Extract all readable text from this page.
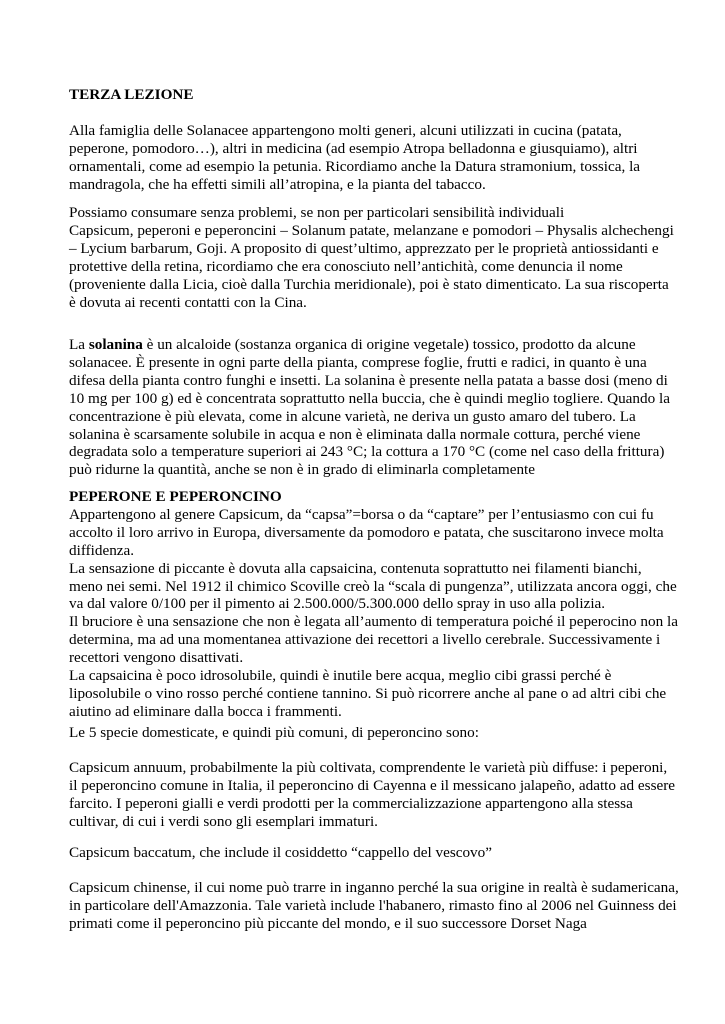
TERZA LEZIONE
Alla famiglia delle Solanacee appartengono molti generi, alcuni utilizzati in cucina (patata,
peperone, pomodoro…), altri in medicina (ad esempio Atropa belladonna e giusquiamo), altri
ornamentali, come ad esempio la petunia. Ricordiamo anche la Datura stramonium, tossica, la
mandragola, che ha effetti simili all’atropina, e la pianta del tabacco.
Possiamo consumare senza problemi, se non per particolari sensibilità individuali
Capsicum, peperoni e peperoncini – Solanum patate, melanzane e pomodori – Physalis alchechengi
– Lycium barbarum, Goji. A proposito di quest’ultimo, apprezzato per le proprietà antiossidanti e
protettive della retina, ricordiamo che era conosciuto nell’antichità, come denuncia il nome
(proveniente dalla Licia, cioè dalla Turchia meridionale), poi è stato dimenticato. La sua riscoperta
è dovuta ai recenti contatti con la Cina.
La solanina è un alcaloide (sostanza organica di origine vegetale) tossico, prodotto da alcune
solanacee. È presente in ogni parte della pianta, comprese foglie, frutti e radici, in quanto è una
difesa della pianta contro funghi e insetti. La solanina è presente nella patata a basse dosi (meno di
10 mg per 100 g) ed è concentrata soprattutto nella buccia, che è quindi meglio togliere. Quando la
concentrazione è più elevata, come in alcune varietà, ne deriva un gusto amaro del tubero. La
solanina è scarsamente solubile in acqua e non è eliminata dalla normale cottura, perché viene
degradata solo a temperature superiori ai 243 °C; la cottura a 170 °C (come nel caso della frittura)
può ridurne la quantità, anche se non è in grado di eliminarla completamente
PEPERONE E PEPERONCINO
Appartengono al genere Capsicum, da “capsa”=borsa o da “captare” per l’entusiasmo con cui fu
accolto il loro arrivo in Europa, diversamente da pomodoro e patata, che suscitarono invece molta
diffidenza.
La sensazione di piccante è dovuta alla capsaicina, contenuta soprattutto nei filamenti bianchi,
meno nei semi. Nel 1912 il chimico Scoville creò la “scala di pungenza”, utilizzata ancora oggi, che
va dal valore 0/100 per il pimento ai 2.500.000/5.300.000 dello spray in uso alla polizia.
Il bruciore è una sensazione che non è legata all’aumento di temperatura poiché il peperocino non la
determina, ma ad una momentanea attivazione dei recettori a livello cerebrale. Successivamente i
recettori vengono disattivati.
La capsaicina è poco idrosolubile, quindi è inutile bere acqua, meglio cibi grassi perché è
liposolubile o vino rosso perché contiene tannino. Si può ricorrere anche al pane o ad altri cibi che
aiutino ad eliminare dalla bocca i frammenti.
Le 5 specie domesticate, e quindi più comuni, di peperoncino sono:
Capsicum annuum, probabilmente la più coltivata, comprendente le varietà più diffuse: i peperoni,
il peperoncino comune in Italia, il peperoncino di Cayenna e il messicano jalapeño, adatto ad essere
farcito. I peperoni gialli e verdi prodotti per la commercializzazione appartengono alla stessa
cultivar, di cui i verdi sono gli esemplari immaturi.
Capsicum baccatum, che include il cosiddetto “cappello del vescovo”
Capsicum chinense, il cui nome può trarre in inganno perché la sua origine in realtà è sudamericana,
in particolare dell'Amazzonia. Tale varietà include l'habanero, rimasto fino al 2006 nel Guinness dei
primati come il peperoncino più piccante del mondo, e il suo successore Dorset Naga
